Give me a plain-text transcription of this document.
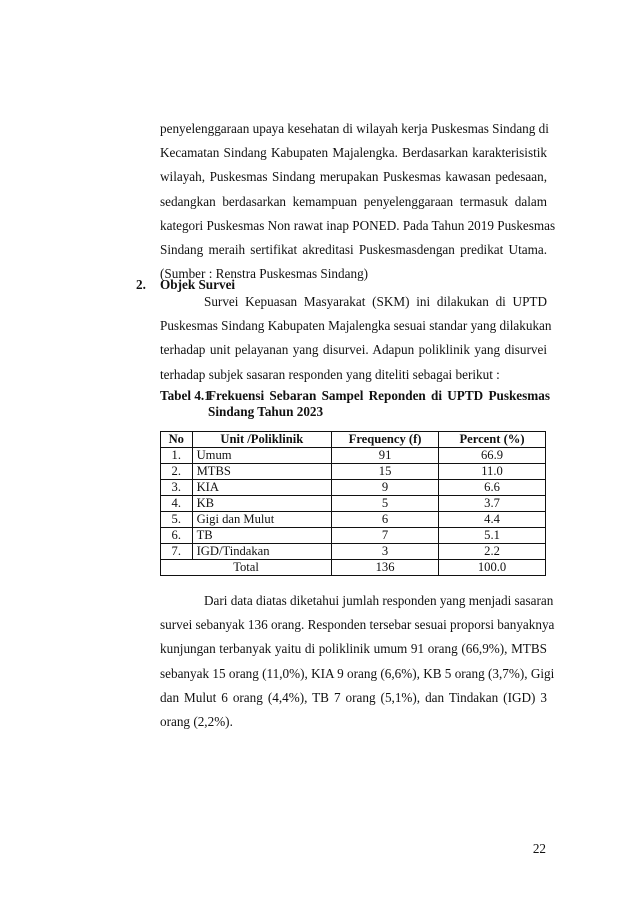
penyelenggaraan upaya kesehatan di wilayah kerja Puskesmas Sindang di
Kecamatan Sindang Kabupaten Majalengka. Berdasarkan karakterisistik
wilayah, Puskesmas Sindang merupakan Puskesmas kawasan pedesaan,
sedangkan berdasarkan kemampuan penyelenggaraan termasuk dalam
kategori Puskesmas Non rawat inap PONED. Pada Tahun 2019 Puskesmas
Sindang meraih sertifikat akreditasi Puskesmasdengan predikat Utama.
(Sumber : Renstra Puskesmas Sindang)
2. Objek Survei
Survei Kepuasan Masyarakat (SKM) ini dilakukan di UPTD
Puskesmas Sindang Kabupaten Majalengka sesuai standar yang dilakukan
terhadap unit pelayanan yang disurvei. Adapun poliklinik yang disurvei
terhadap subjek sasaran responden yang diteliti sebagai berikut :
Tabel 4.1
Frekuensi Sebaran Sampel Reponden di UPTD Puskesmas Sindang Tahun 2023
No	Unit /Poliklinik	Frequency (f)	Percent (%)
1.	Umum	91	66.9
2.	MTBS	15	11.0
3.	KIA	9	6.6
4.	KB	5	3.7
5.	Gigi dan Mulut	6	4.4
6.	TB	7	5.1
7.	IGD/Tindakan	3	2.2
Total		136	100.0
Dari data diatas diketahui jumlah responden yang menjadi sasaran
survei sebanyak 136 orang. Responden tersebar sesuai proporsi banyaknya
kunjungan terbanyak yaitu di poliklinik umum 91 orang (66,9%), MTBS
sebanyak 15 orang (11,0%), KIA 9 orang (6,6%), KB 5 orang (3,7%), Gigi
dan Mulut 6 orang (4,4%), TB 7 orang (5,1%), dan Tindakan (IGD) 3
orang (2,2%).
22
